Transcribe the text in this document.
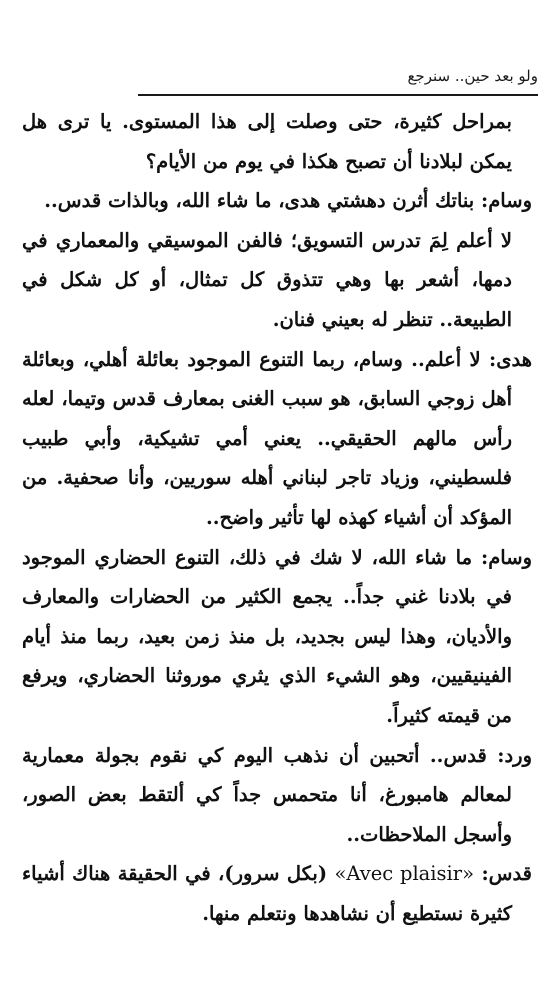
ولو بعد حين.. سنرجع

بمراحل كثيرة، حتى وصلت إلى هذا المستوى. يا ترى هل يمكن لبلادنا أن تصبح هكذا في يوم من الأيام؟

وسام: بناتك أثرن دهشتي هدى، ما شاء الله، وبالذات قدس..

لا أعلم لِمَ تدرس التسويق؛ فالفن الموسيقي والمعماري في دمها، أشعر بها وهي تتذوق كل تمثال، أو كل شكل في الطبيعة.. تنظر له بعيني فنان.

هدى: لا أعلم.. وسام، ربما التنوع الموجود بعائلة أهلي، وبعائلة أهل زوجي السابق، هو سبب الغنى بمعارف قدس وتيما، لعله رأس مالهم الحقيقي.. يعني أمي تشيكية، وأبي طبيب فلسطيني، وزياد تاجر لبناني أهله سوريين، وأنا صحفية. من المؤكد أن أشياء كهذه لها تأثير واضح..

وسام: ما شاء الله، لا شك في ذلك، التنوع الحضاري الموجود في بلادنا غني جداً.. يجمع الكثير من الحضارات والمعارف والأديان، وهذا ليس بجديد، بل منذ زمن بعيد، ربما منذ أيام الفينيقيين، وهو الشيء الذي يثري موروثنا الحضاري، ويرفع من قيمته كثيراً.

ورد: قدس.. أتحبين أن نذهب اليوم كي نقوم بجولة معمارية لمعالم هامبورغ، أنا متحمس جداً كي ألتقط بعض الصور، وأسجل الملاحظات..

قدس: «Avec plaisir» (بكل سرور)، في الحقيقة هناك أشياء كثيرة نستطيع أن نشاهدها ونتعلم منها.
